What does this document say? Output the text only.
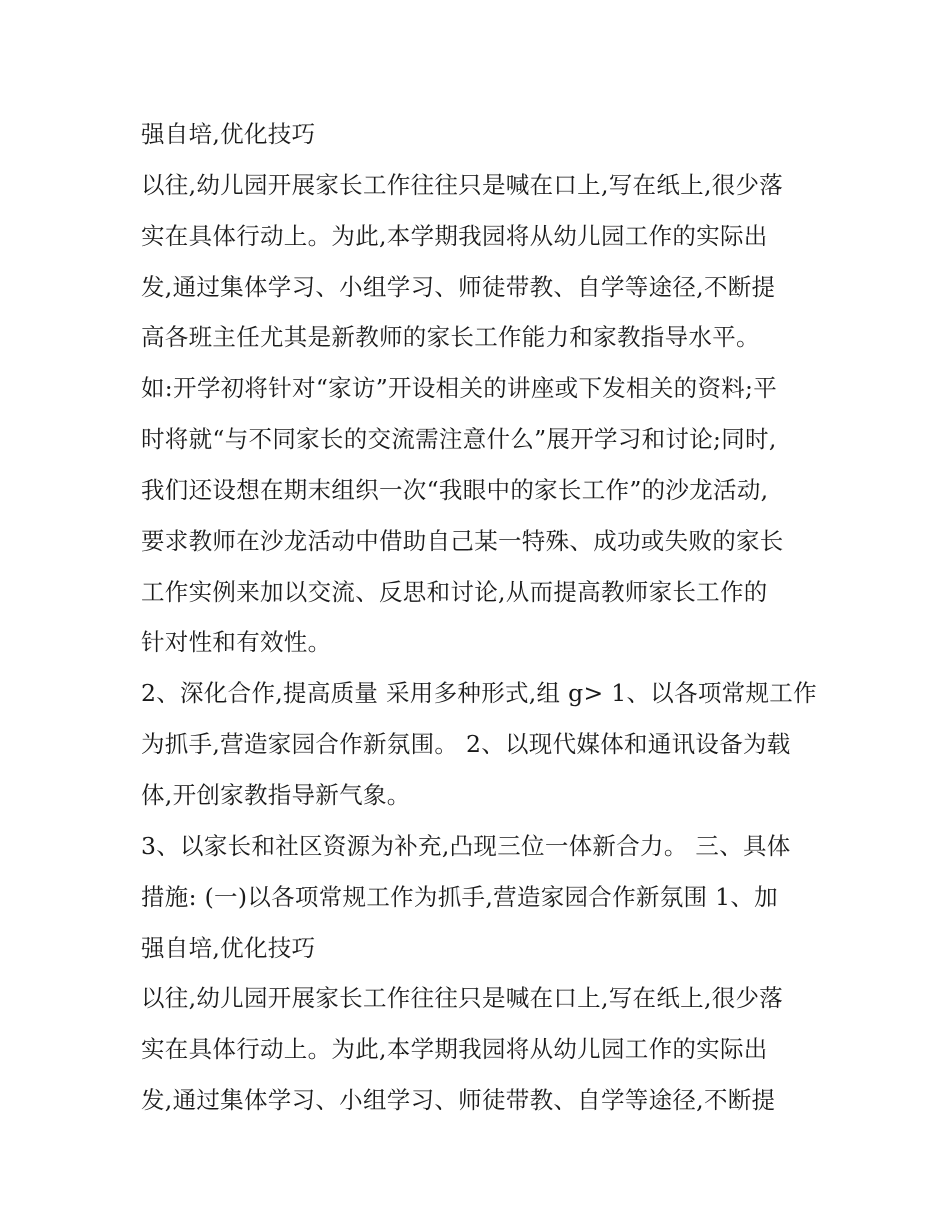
强自培,优化技巧
以往,幼儿园开展家长工作往往只是喊在口上,写在纸上,很少落
实在具体行动上。为此,本学期我园将从幼儿园工作的实际出
发,通过集体学习、小组学习、师徒带教、自学等途径,不断提
高各班主任尤其是新教师的家长工作能力和家教指导水平。
如:开学初将针对“家访”开设相关的讲座或下发相关的资料;平
时将就“与不同家长的交流需注意什么”展开学习和讨论;同时,
我们还设想在期末组织一次“我眼中的家长工作”的沙龙活动,
要求教师在沙龙活动中借助自己某一特殊、成功或失败的家长
工作实例来加以交流、反思和讨论,从而提高教师家长工作的
针对性和有效性。
2、深化合作,提高质量 采用多种形式,组 g> 1、以各项常规工作
为抓手,营造家园合作新氛围。 2、以现代媒体和通讯设备为载
体,开创家教指导新气象。
3、以家长和社区资源为补充,凸现三位一体新合力。 三、具体
措施: (一)以各项常规工作为抓手,营造家园合作新氛围 1、加
强自培,优化技巧
以往,幼儿园开展家长工作往往只是喊在口上,写在纸上,很少落
实在具体行动上。为此,本学期我园将从幼儿园工作的实际出
发,通过集体学习、小组学习、师徒带教、自学等途径,不断提
